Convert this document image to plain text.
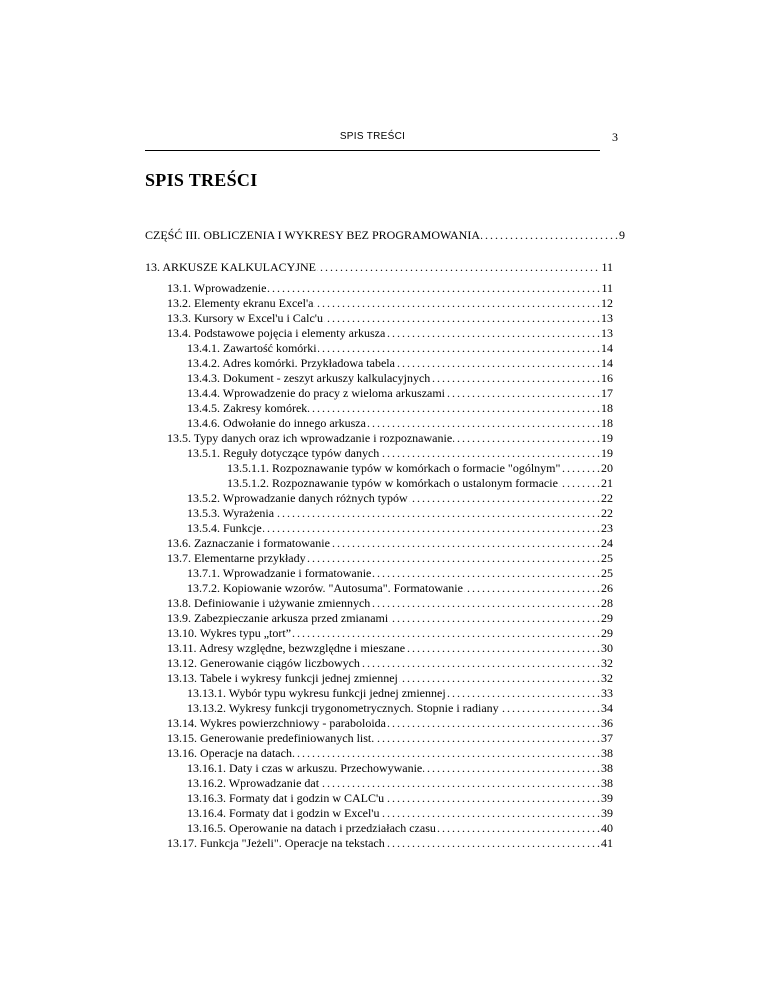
SPIS TREŚCI	3
SPIS TREŚCI
. . .
CZĘŚĆ III. OBLICZENIA I WYKRESY BEZ PROGRAMOWANIA	9
. . .
13. ARKUSZE KALKULACYJNE	11
. . .
13.1. Wprowadzenie	11
. . .
13.2. Elementy ekranu Excel'a	12
. . .
13.3. Kursory w Excel'u i Calc'u	13
. . .
13.4. Podstawowe pojęcia i elementy arkusza	13
. . .
13.4.1. Zawartość komórki	14
. . .
13.4.2. Adres komórki. Przykładowa tabela	14
. . .
13.4.3. Dokument - zeszyt arkuszy kalkulacyjnych	16
. . .
13.4.4. Wprowadzenie do pracy z wieloma arkuszami	17
. . .
13.4.5. Zakresy komórek	18
. . .
13.4.6. Odwołanie do innego arkusza	18
. . .
13.5. Typy danych oraz ich wprowadzanie i rozpoznawanie	19
. . .
13.5.1. Reguły dotyczące typów danych	19
. . .
13.5.1.1. Rozpoznawanie typów w komórkach o formacie "ogólnym"	20
. . .
13.5.1.2. Rozpoznawanie typów w komórkach o ustalonym formacie	21
. . .
13.5.2. Wprowadzanie danych różnych typów	22
. . .
13.5.3. Wyrażenia	22
. . .
13.5.4. Funkcje	23
. . .
13.6. Zaznaczanie i formatowanie	24
. . .
13.7. Elementarne przykłady	25
. . .
13.7.1. Wprowadzanie i formatowanie	25
. . .
13.7.2. Kopiowanie wzorów. "Autosuma". Formatowanie	26
. . .
13.8. Definiowanie i używanie zmiennych	28
. . .
13.9. Zabezpieczanie arkusza przed zmianami	29
. . .
13.10. Wykres typu „tort”	29
. . .
13.11. Adresy względne, bezwzględne i mieszane	30
. . .
13.12. Generowanie ciągów liczbowych	32
. . .
13.13. Tabele i wykresy funkcji jednej zmiennej	32
. . .
13.13.1. Wybór typu wykresu funkcji jednej zmiennej	33
. . .
13.13.2. Wykresy funkcji trygonometrycznych. Stopnie i radiany	34
. . .
13.14. Wykres powierzchniowy - paraboloida	36
. . .
13.15. Generowanie predefiniowanych list.	37
. . .
13.16. Operacje na datach.	38
. . .
13.16.1. Daty i czas w arkuszu. Przechowywanie	38
. . .
13.16.2. Wprowadzanie dat	38
. . .
13.16.3. Formaty dat i godzin w CALC'u	39
. . .
13.16.4. Formaty dat i godzin w Excel'u	39
. . .
13.16.5. Operowanie na datach i przedziałach czasu	40
. . .
13.17. Funkcja "Jeżeli". Operacje na tekstach	41
